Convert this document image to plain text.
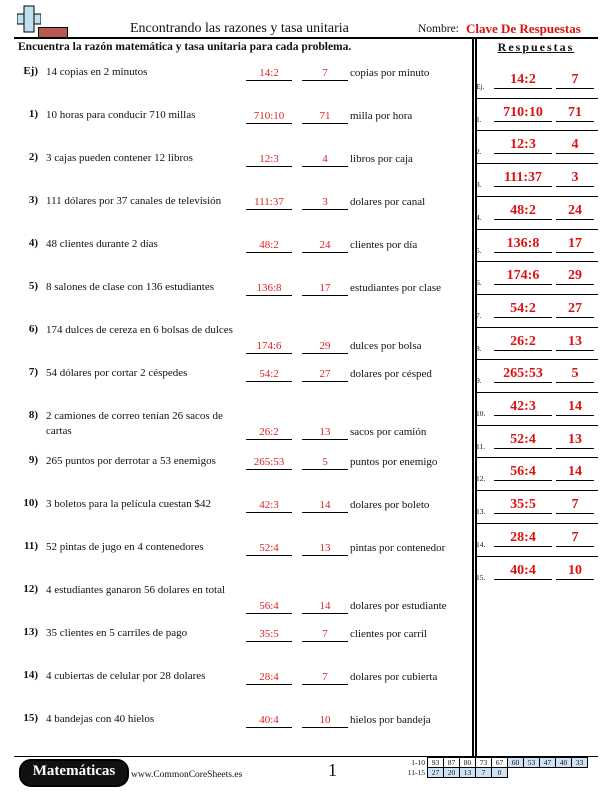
Encontrando las razones y tasa unitaria	Nombre: Clave De Respuestas
Encuentra la razón matemática y tasa unitaria para cada problema.	Respuestas
Ej) 14 copias en 2 minutos	14:2	7	copias por minuto
1) 10 horas para conducir 710 millas	710:10	71	milla por hora
2) 3 cajas pueden contener 12 libros	12:3	4	libros por caja
3) 111 dólares por 37 canales de televisión	111:37	3	dolares por canal
4) 48 clientes durante 2 días	48:2	24	clientes por día
5) 8 salones de clase con 136 estudiantes	136:8	17	estudiantes por clase
6) 174 dulces de cereza en 6 bolsas de dulces
174:6	29	dulces por bolsa
7) 54 dólares por cortar 2 céspedes	54:2	27	dolares por césped
8) 2 camiones de correo tenían 26 sacos de cartas	26:2	13	sacos por camión
9) 265 puntos por derrotar a 53 enemigos	265:53	5	puntos por enemigo
10) 3 boletos para la película cuestan $42	42:3	14	dolares por boleto
11) 52 pintas de jugo en 4 contenedores	52:4	13	pintas por contenedor
12) 4 estudiantes ganaron 56 dolares en total
56:4	14	dolares por estudiante
13) 35 clientes en 5 carriles de pago	35:5	7	clientes por carril
14) 4 cubiertas de celular por 28 dolares	28:4	7	dolares por cubierta
15) 4 bandejas con 40 hielos	40:4	10	hielos por bandeja
Ej.	14:2	7
1.	710:10	71
2.	12:3	4
3.	111:37	3
4.	48:2	24
5.	136:8	17
6.	174:6	29
7.	54:2	27
8.	26:2	13
9.	265:53	5
10.	42:3	14
11.	52:4	13
12.	56:4	14
13.	35:5	7
14.	28:4	7
15.	40:4	10
Matemáticas	www.CommonCoreSheets.es	1	1-10	93	87	80	73	67	60	53	47	40	33
11-15	27	20	13	7	0					
